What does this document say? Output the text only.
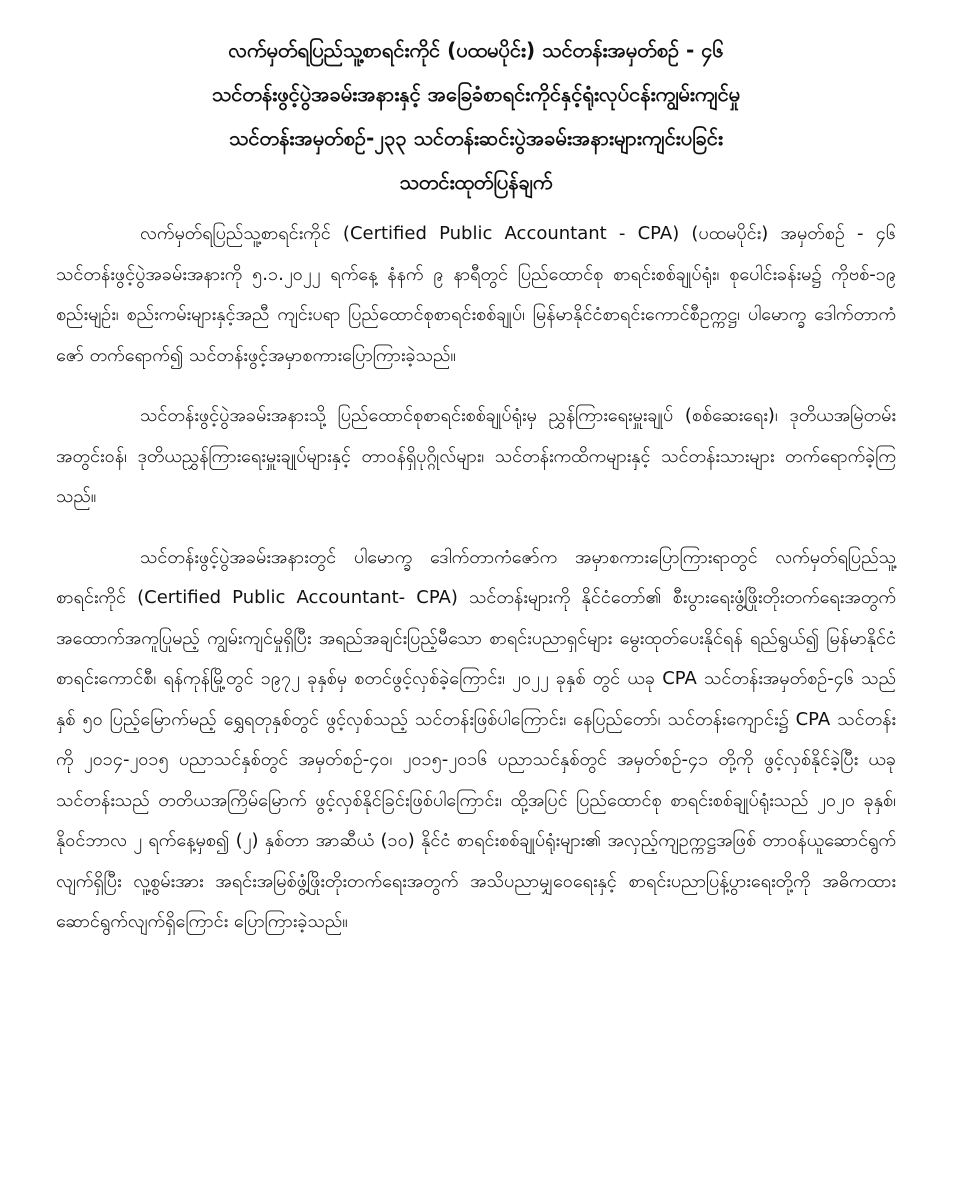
လက်မှတ်ရပြည်သူ့စာရင်းကိုင် (ပထမပိုင်း) သင်တန်းအမှတ်စဉ် - ၄၆
သင်တန်းဖွင့်ပွဲအခမ်းအနားနှင့် အခြေခံစာရင်းကိုင်နှင့်ရုံးလုပ်ငန်းကျွမ်းကျင်မှု
သင်တန်းအမှတ်စဉ်-၂၃၃ သင်တန်းဆင်းပွဲအခမ်းအနားများကျင်းပခြင်း
သတင်းထုတ်ပြန်ချက်

လက်မှတ်ရပြည်သူ့စာရင်းကိုင် (Certified Public Accountant - CPA) (ပထမပိုင်း) အမှတ်စဉ် - ၄၆ သင်တန်းဖွင့်ပွဲအခမ်းအနားကို ၅.၁.၂၀၂၂ ရက်နေ့ နံနက် ၉ နာရီတွင် ပြည်ထောင်စု စာရင်းစစ်ချုပ်ရုံး၊ စုပေါင်းခန်းမ၌ ကိုဗစ်-၁၉ စည်းမျဉ်း၊ စည်းကမ်းများနှင့်အညီ ကျင်းပရာ ပြည်ထောင်စုစာရင်းစစ်ချုပ်၊ မြန်မာနိုင်ငံစာရင်းကောင်စီဥက္ကဋ္ဌ၊ ပါမောက္ခ ဒေါက်တာကံဇော် တက်ရောက်၍ သင်တန်းဖွင့်အမှာစကားပြောကြားခဲ့သည်။

သင်တန်းဖွင့်ပွဲအခမ်းအနားသို့ ပြည်ထောင်စုစာရင်းစစ်ချုပ်ရုံးမှ ညွှန်ကြားရေးမှူးချုပ် (စစ်ဆေးရေး)၊ ဒုတိယအမြဲတမ်းအတွင်းဝန်၊ ဒုတိယညွှန်ကြားရေးမှူးချုပ်များနှင့် တာဝန်ရှိပုဂ္ဂိုလ်များ၊ သင်တန်းကထိကများနှင့် သင်တန်းသားများ တက်ရောက်ခဲ့ကြသည်။

သင်တန်းဖွင့်ပွဲအခမ်းအနားတွင် ပါမောက္ခ ဒေါက်တာကံဇော်က အမှာစကားပြောကြားရာတွင် လက်မှတ်ရပြည်သူ့စာရင်းကိုင် (Certified Public Accountant- CPA) သင်တန်းများကို နိုင်ငံတော်၏ စီးပွားရေးဖွံ့ဖြိုးတိုးတက်ရေးအတွက် အထောက်အကူပြုမည့် ကျွမ်းကျင်မှုရှိပြီး အရည်အချင်းပြည့်မီသော စာရင်းပညာရှင်များ မွေးထုတ်ပေးနိုင်ရန် ရည်ရွယ်၍ မြန်မာနိုင်ငံစာရင်းကောင်စီ၊ ရန်ကုန်မြို့တွင် ၁၉၇၂ ခုနှစ်မှ စတင်ဖွင့်လှစ်ခဲ့ကြောင်း၊ ၂၀၂၂ ခုနှစ် တွင် ယခု CPA သင်တန်းအမှတ်စဉ်-၄၆ သည် နှစ် ၅၀ ပြည့်မြောက်မည့် ရွှေရတုနှစ်တွင် ဖွင့်လှစ်သည့် သင်တန်းဖြစ်ပါကြောင်း၊ နေပြည်တော်၊ သင်တန်းကျောင်း၌ CPA သင်တန်းကို ၂၀၁၄-၂၀၁၅ ပညာသင်နှစ်တွင် အမှတ်စဉ်-၄၀၊ ၂၀၁၅-၂၀၁၆ ပညာသင်နှစ်တွင် အမှတ်စဉ်-၄၁ တို့ကို ဖွင့်လှစ်နိုင်ခဲ့ပြီး ယခု သင်တန်းသည် တတိယအကြိမ်မြောက် ဖွင့်လှစ်နိုင်ခြင်းဖြစ်ပါကြောင်း၊ ထို့အပြင် ပြည်ထောင်စု စာရင်းစစ်ချုပ်ရုံးသည် ၂၀၂၀ ခုနှစ်၊ နိုဝင်ဘာလ ၂ ရက်နေ့မှစ၍ (၂) နှစ်တာ အာဆီယံ (၁၀) နိုင်ငံ စာရင်းစစ်ချုပ်ရုံးများ၏ အလှည့်ကျဥက္ကဋ္ဌအဖြစ် တာဝန်ယူဆောင်ရွက်လျက်ရှိပြီး လူ့စွမ်းအား အရင်းအမြစ်ဖွံ့ဖြိုးတိုးတက်ရေးအတွက် အသိပညာမျှဝေရေးနှင့် စာရင်းပညာပြန့်ပွားရေးတို့ကို အဓိကထား ဆောင်ရွက်လျက်ရှိကြောင်း ပြောကြားခဲ့သည်။
